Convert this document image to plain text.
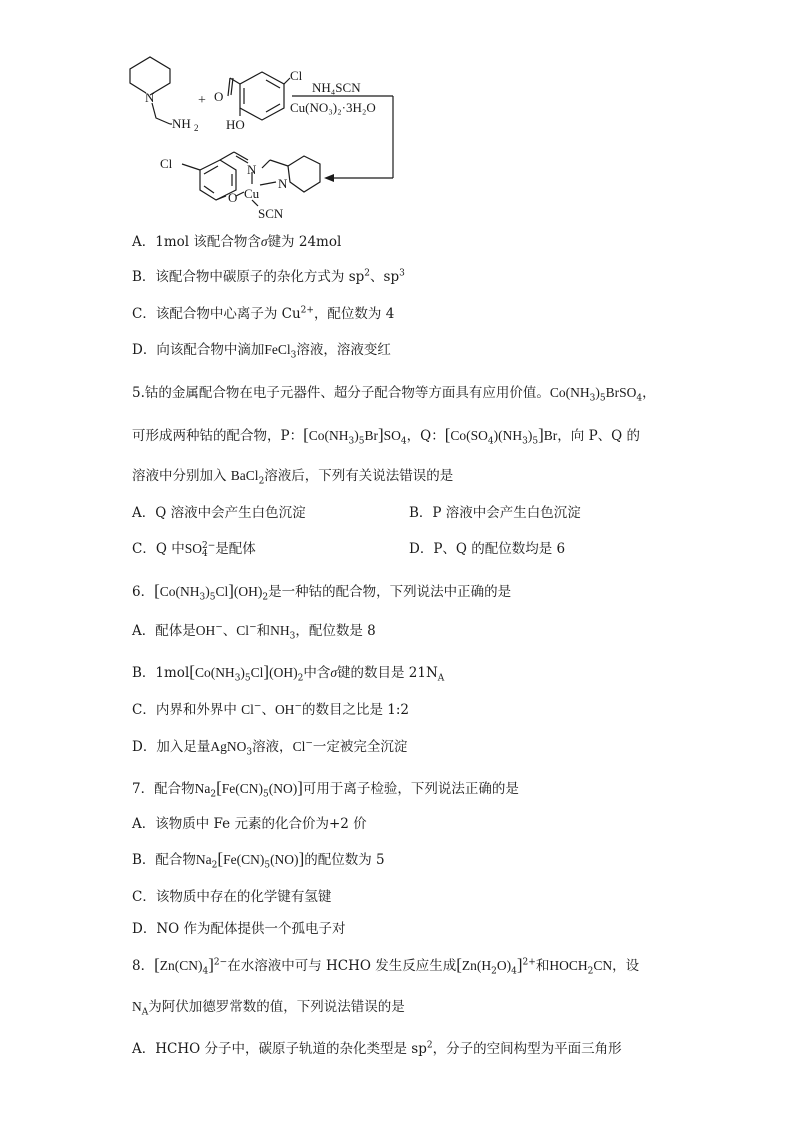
+
N
NH 2
O
Cl
HO
NH₄SCN
Cu(NO₃)₂·3H₂O
Cl	N
O Cu
N
SCN
A．1mol 该配合物含σ键为 24mol
B．该配合物中碳原子的杂化方式为 $sp^2$、$sp^3$
C．该配合物中心离子为 $Cu^{2+}$，配位数为 4
D．向该配合物中滴加FeCl$_3$溶液，溶液变红
5.钴的金属配合物在电子元器件、超分子配合物等方面具有应用价值。$Co(NH_3)_5BrSO_4$，
可形成两种钴的配合物，P：$[Co(NH_3)_5Br]SO_4$，Q：$[Co(SO_4)(NH_3)_5]Br$，向 P、Q 的
溶液中分别加入 BaCl$_2$溶液后，下列有关说法错误的是
A．Q 溶液中会产生白色沉淀	B．P 溶液中会产生白色沉淀
C．Q 中SO 2−
4 是配体	D．P、Q 的配位数均是 6
6．$[Co(NH_3)_5Cl](OH)_2$是一种钴的配合物，下列说法中正确的是
A．配体是OH−、Cl−和$NH_3$，配位数是 8
B．$1mol[Co(NH_3)_5Cl](OH)_2$中含σ键的数目是 $21N_A$
C．内界和外界中 Cl−、OH−的数目之比是 1:2
D．加入足量AgNO$_3$溶液，Cl−一定被完全沉淀
7．配合物$Na_2[Fe(CN)_5(NO)]$可用于离子检验，下列说法正确的是
A．该物质中 Fe 元素的化合价为+2 价
B．配合物$Na_2[Fe(CN)_5(NO)]$的配位数为 5
C．该物质中存在的化学键有氢键
D．NO 作为配体提供一个孤电子对
8．$[Zn(CN)_4]^{2-}$在水溶液中可与 HCHO 发生反应生成$[Zn(H_2O)_4]^{2+}$和$HOCH_2CN$，设
$N_A$为阿伏加德罗常数的值，下列说法错误的是
A．HCHO 分子中，碳原子轨道的杂化类型是 $sp^2$，分子的空间构型为平面三角形
